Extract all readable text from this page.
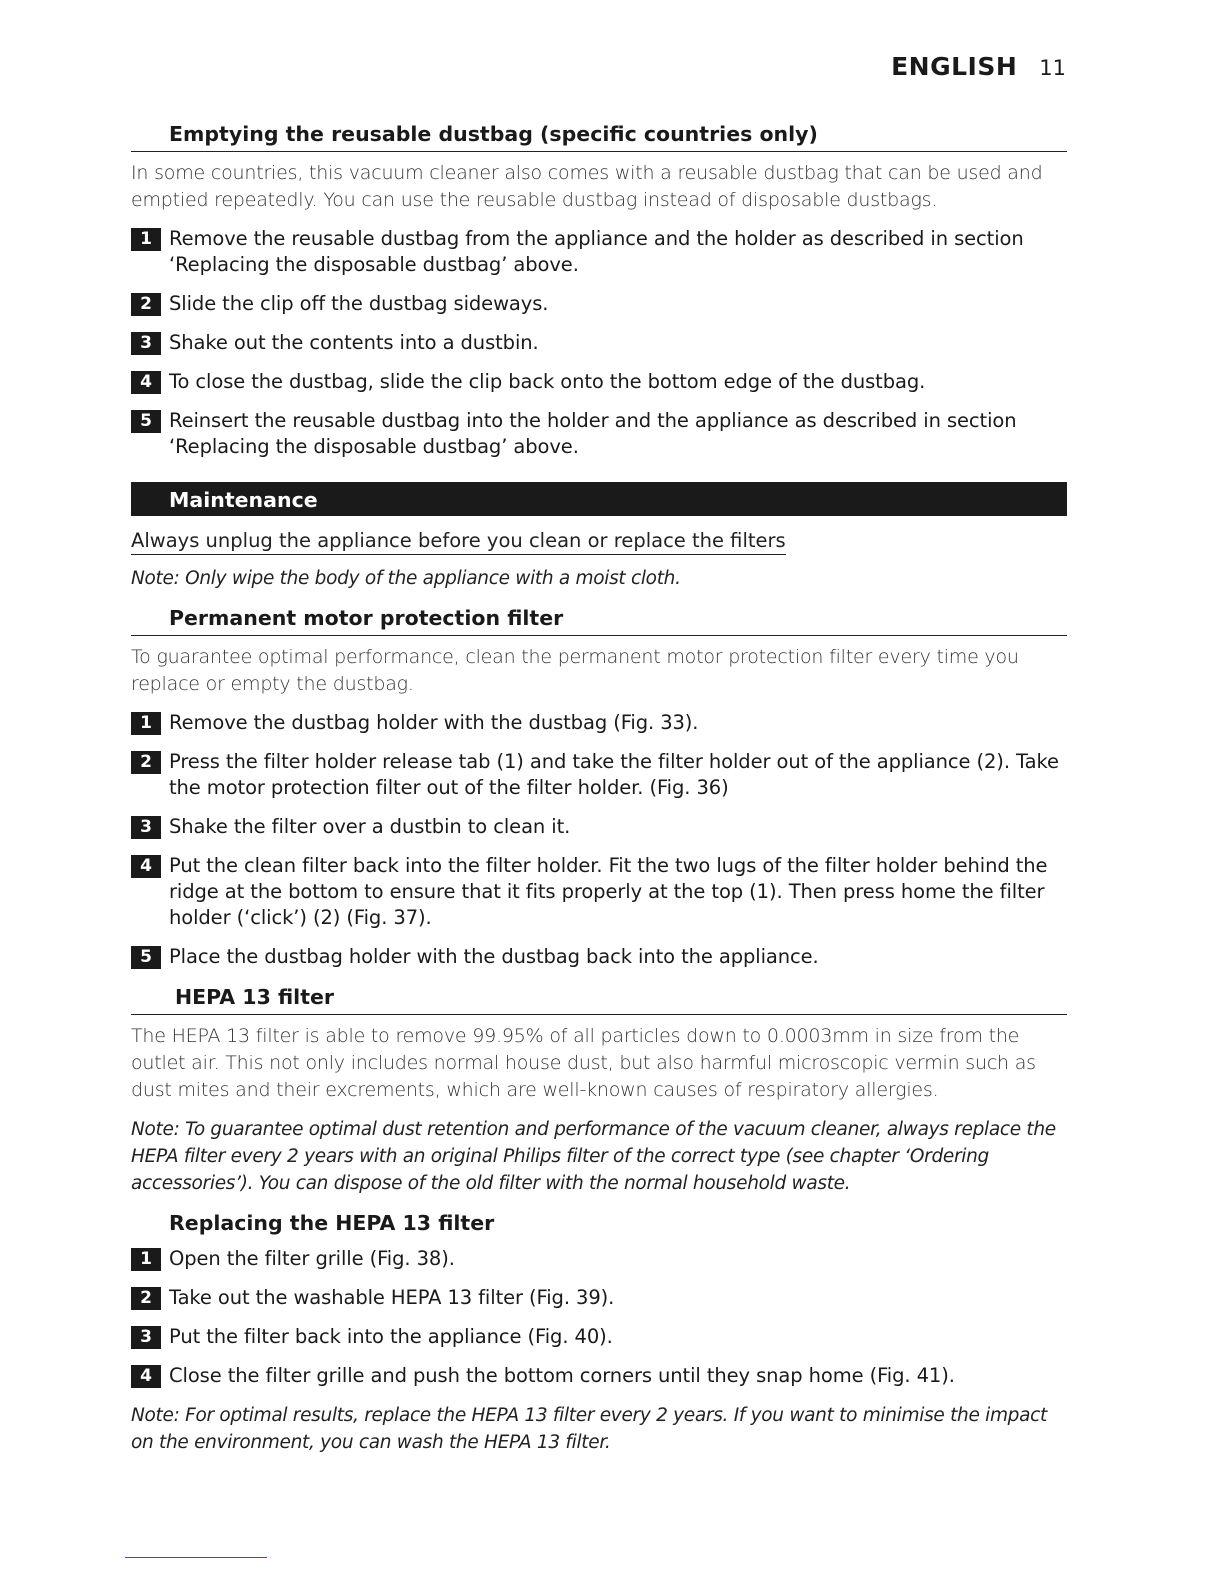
ENGLISH 11
Emptying the reusable dustbag (specific countries only)
In some countries, this vacuum cleaner also comes with a reusable dustbag that can be used and emptied repeatedly. You can use the reusable dustbag instead of disposable dustbags.
1 Remove the reusable dustbag from the appliance and the holder as described in section ‘Replacing the disposable dustbag’ above.
2 Slide the clip off the dustbag sideways.
3 Shake out the contents into a dustbin.
4 To close the dustbag, slide the clip back onto the bottom edge of the dustbag.
5 Reinsert the reusable dustbag into the holder and the appliance as described in section ‘Replacing the disposable dustbag’ above.
Maintenance
Always unplug the appliance before you clean or replace the filters
Note: Only wipe the body of the appliance with a moist cloth.
Permanent motor protection filter
To guarantee optimal performance, clean the permanent motor protection filter every time you replace or empty the dustbag.
1 Remove the dustbag holder with the dustbag (Fig. 33).
2 Press the filter holder release tab (1) and take the filter holder out of the appliance (2). Take the motor protection filter out of the filter holder. (Fig. 36)
3 Shake the filter over a dustbin to clean it.
4 Put the clean filter back into the filter holder. Fit the two lugs of the filter holder behind the ridge at the bottom to ensure that it fits properly at the top (1). Then press home the filter holder (‘click’) (2) (Fig. 37).
5 Place the dustbag holder with the dustbag back into the appliance.
HEPA 13 filter
The HEPA 13 filter is able to remove 99.95% of all particles down to 0.0003mm in size from the outlet air. This not only includes normal house dust, but also harmful microscopic vermin such as dust mites and their excrements, which are well-known causes of respiratory allergies.
Note: To guarantee optimal dust retention and performance of the vacuum cleaner, always replace the HEPA filter every 2 years with an original Philips filter of the correct type (see chapter ‘Ordering accessories’). You can dispose of the old filter with the normal household waste.
Replacing the HEPA 13 filter
1 Open the filter grille (Fig. 38).
2 Take out the washable HEPA 13 filter (Fig. 39).
3 Put the filter back into the appliance (Fig. 40).
4 Close the filter grille and push the bottom corners until they snap home (Fig. 41).
Note: For optimal results, replace the HEPA 13 filter every 2 years. If you want to minimise the impact on the environment, you can wash the HEPA 13 filter.
